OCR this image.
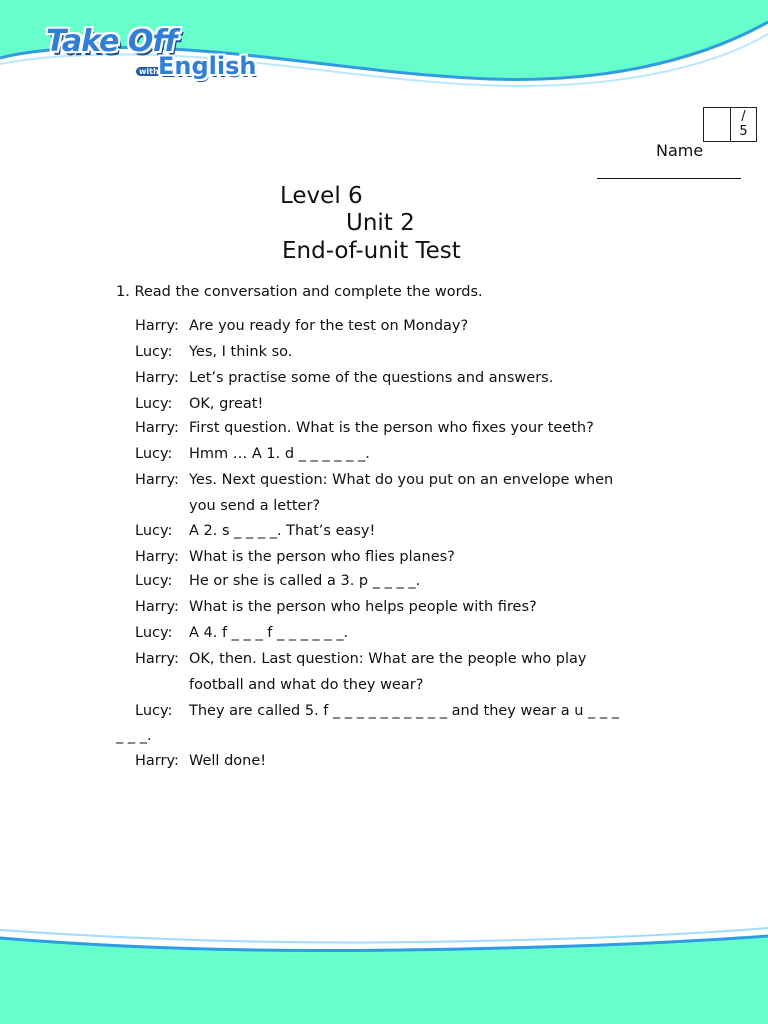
Take Off
with English
/
5
Name
Level 6
Unit 2
End-of-unit Test
1. Read the conversation and complete the words.
Harry: Are you ready for the test on Monday?
Lucy: Yes, I think so.
Harry: Let’s practise some of the questions and answers.
Lucy: OK, great!
Harry: First question. What is the person who fixes your teeth?
Lucy: Hmm … A 1. d _ _ _ _ _ _.
Harry: Yes. Next question: What do you put on an envelope when
you send a letter?
Lucy: A 2. s _ _ _ _. That’s easy!
Harry: What is the person who flies planes?
Lucy: He or she is called a 3. p _ _ _ _.
Harry: What is the person who helps people with fires?
Lucy: A 4. f _ _ _ f _ _ _ _ _ _.
Harry: OK, then. Last question: What are the people who play
football and what do they wear?
Lucy: They are called 5. f _ _ _ _ _ _ _ _ _ _ and they wear a u _ _ _
_ _ _.
Harry: Well done!
